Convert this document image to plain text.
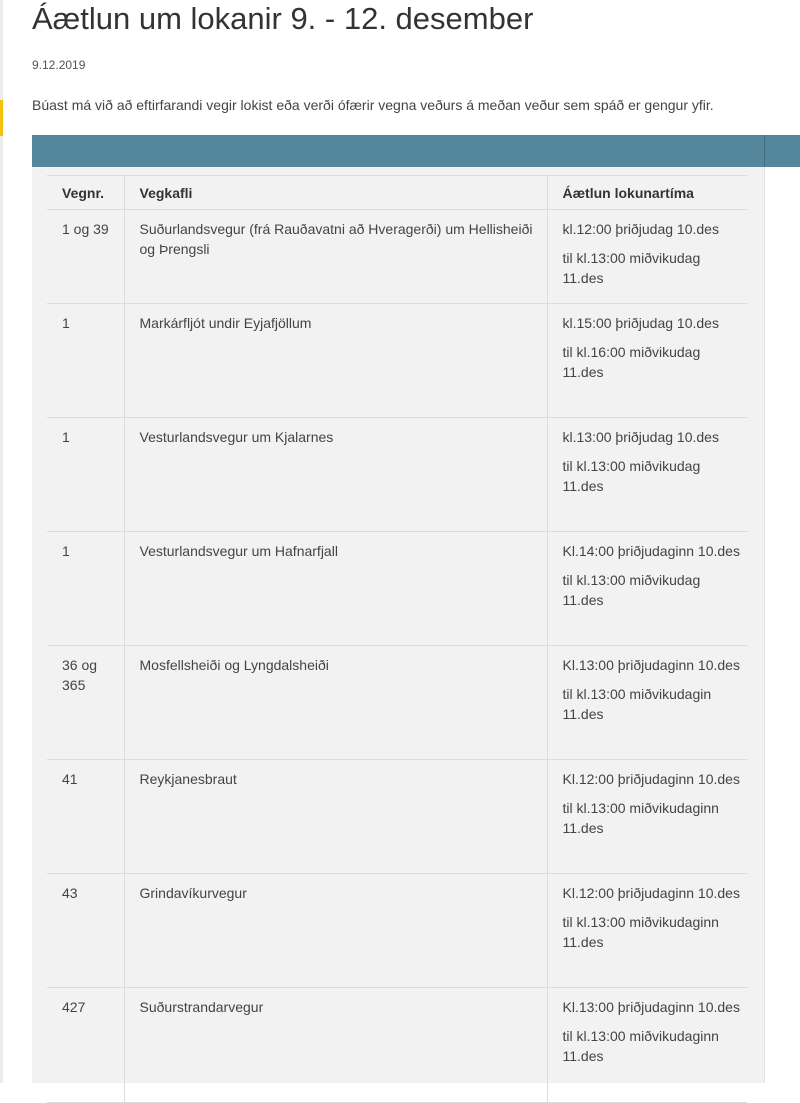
Áætlun um lokanir 9. - 12. desember
9.12.2019
Búast má við að eftirfarandi vegir lokist eða verði ófærir vegna veðurs á meðan veður sem spáð er gengur yfir.
Vegnr.	Vegkafli	Áætlun lokunartíma
1 og 39	Suðurlandsvegur (frá Rauðavatni að Hveragerði) um Hellisheiði og Þrengsli	kl.12:00 þriðjudag 10.des

til kl.13:00 miðvikudag 11.des

1	Markárfljót undir Eyjafjöllum	kl.15:00 þriðjudag 10.des

til kl.16:00 miðvikudag 11.des

1	Vesturlandsvegur um Kjalarnes	kl.13:00 þriðjudag 10.des

til kl.13:00 miðvikudag 11.des

1	Vesturlandsvegur um Hafnarfjall	Kl.14:00 þriðjudaginn 10.des

til kl.13:00 miðvikudag 11.des

36 og 365	Mosfellsheiði og Lyngdalsheiði	Kl.13:00 þriðjudaginn 10.des

til kl.13:00 miðvikudagin 11.des

41	Reykjanesbraut	Kl.12:00 þriðjudaginn 10.des

til kl.13:00 miðvikudaginn 11.des

43	Grindavíkurvegur	Kl.12:00 þriðjudaginn 10.des

til kl.13:00 miðvikudaginn 11.des

427	Suðurstrandarvegur	Kl.13:00 þriðjudaginn 10.des

til kl.13:00 miðvikudaginn 11.des
